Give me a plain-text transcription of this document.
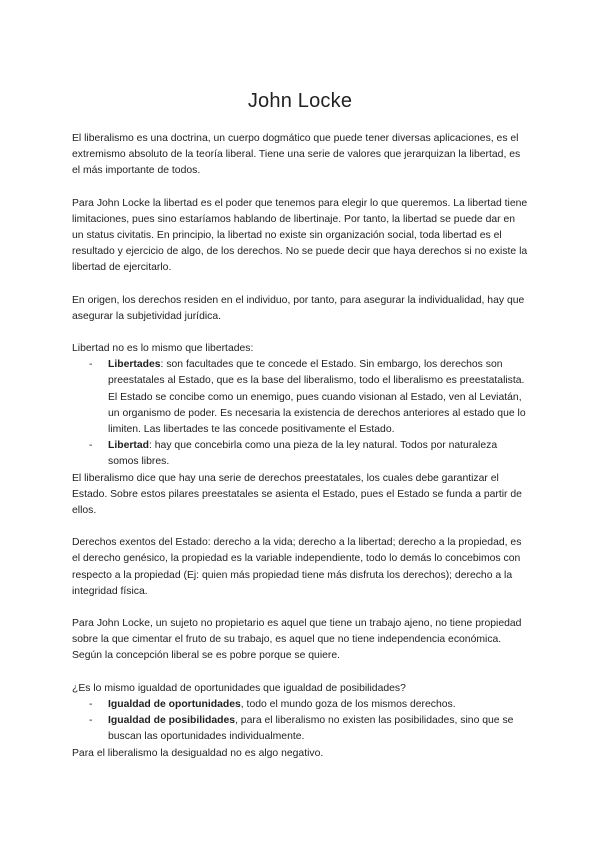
John Locke

El liberalismo es una doctrina, un cuerpo dogmático que puede tener diversas aplicaciones, es el extremismo absoluto de la teoría liberal. Tiene una serie de valores que jerarquizan la libertad, es el más importante de todos.

Para John Locke la libertad es el poder que tenemos para elegir lo que queremos. La libertad tiene limitaciones, pues sino estaríamos hablando de libertinaje. Por tanto, la libertad se puede dar en un status civitatis. En principio, la libertad no existe sin organización social, toda libertad es el resultado y ejercicio de algo, de los derechos. No se puede decir que haya derechos si no existe la libertad de ejercitarlo.

En origen, los derechos residen en el individuo, por tanto, para asegurar la individualidad, hay que asegurar la subjetividad jurídica.

Libertad no es lo mismo que libertades:

- Libertades: son facultades que te concede el Estado. Sin embargo, los derechos son preestatales al Estado, que es la base del liberalismo, todo el liberalismo es preestatalista. El Estado se concibe como un enemigo, pues cuando visionan al Estado, ven al Leviatán, un organismo de poder. Es necesaria la existencia de derechos anteriores al estado que lo limiten. Las libertades te las concede positivamente el Estado.
- Libertad: hay que concebirla como una pieza de la ley natural. Todos por naturaleza somos libres.

El liberalismo dice que hay una serie de derechos preestatales, los cuales debe garantizar el Estado. Sobre estos pilares preestatales se asienta el Estado, pues el Estado se funda a partir de ellos.

Derechos exentos del Estado: derecho a la vida; derecho a la libertad; derecho a la propiedad, es el derecho genésico, la propiedad es la variable independiente, todo lo demás lo concebimos con respecto a la propiedad (Ej: quien más propiedad tiene más disfruta los derechos); derecho a la integridad física.

Para John Locke, un sujeto no propietario es aquel que tiene un trabajo ajeno, no tiene propiedad sobre la que cimentar el fruto de su trabajo, es aquel que no tiene independencia económica. Según la concepción liberal se es pobre porque se quiere.

¿Es lo mismo igualdad de oportunidades que igualdad de posibilidades?

- Igualdad de oportunidades, todo el mundo goza de los mismos derechos.
- Igualdad de posibilidades, para el liberalismo no existen las posibilidades, sino que se buscan las oportunidades individualmente.

Para el liberalismo la desigualdad no es algo negativo.
